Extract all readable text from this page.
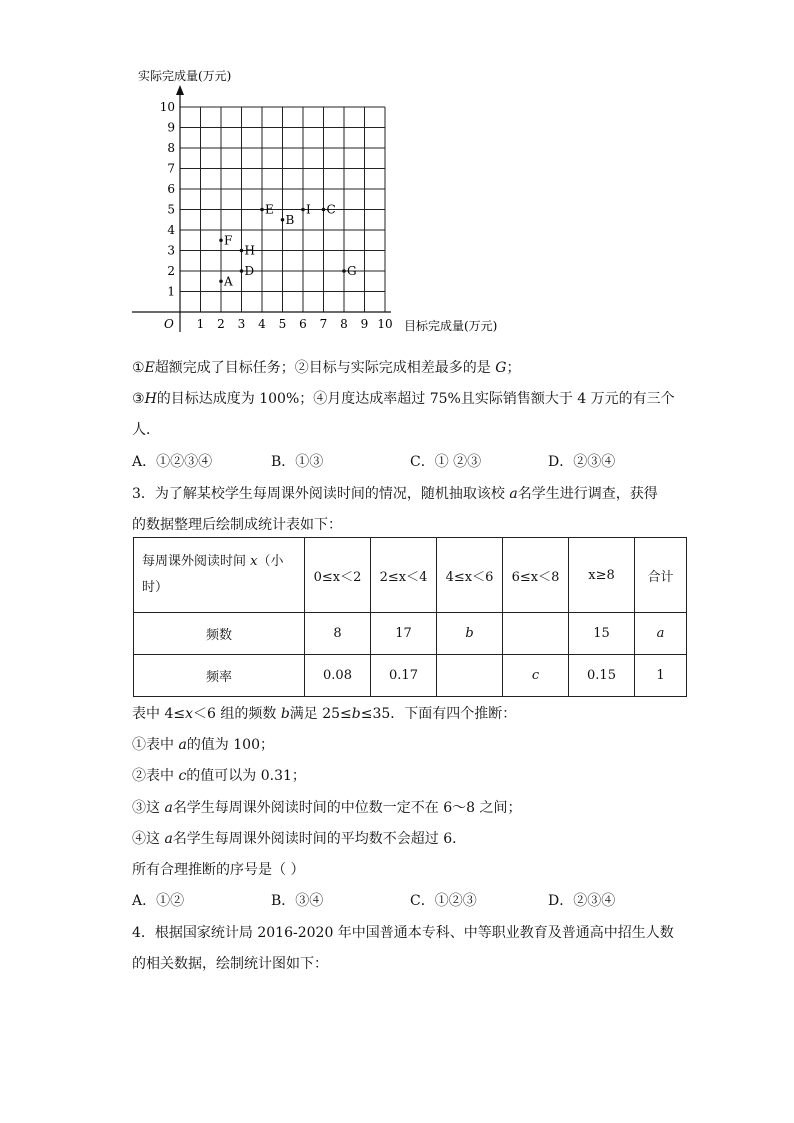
1 2 3 4 5 6 7 8 9 10
1
2
3
4
5
6
7
8
9
10
A
B
C
D
E
F
G
H
I
实际完成量(万元)
目标完成量(万元)
O
①E超额完成了目标任务；②目标与实际完成相差最多的是 G；
③H的目标达成度为 100%；④月度达成率超过 75%且实际销售额大于 4 万元的有三个
人．
A．①②③④	B．①③	C．① ②③	D．②③④
3．为了解某校学生每周课外阅读时间的情况，随机抽取该校 a名学生进行调查，获得
的数据整理后绘制成统计表如下：
每周课外阅读时间 x（小
时）	0≤x＜2	2≤x＜4	4≤x＜6	6≤x＜8	x≥8	合计
频数	8	17	b		15	a
频率	0.08	0.17		c	0.15	1
表中 4≤x＜6 组的频数 b满足 25≤b≤35．下面有四个推断：
①表中 a的值为 100；
②表中 c的值可以为 0.31；
③这 a名学生每周课外阅读时间的中位数一定不在 6～8 之间；
④这 a名学生每周课外阅读时间的平均数不会超过 6．
所有合理推断的序号是（ ）
A．①②	B．③④	C．①②③	D．②③④
4．根据国家统计局 2016-2020 年中国普通本专科、中等职业教育及普通高中招生人数
的相关数据，绘制统计图如下：
